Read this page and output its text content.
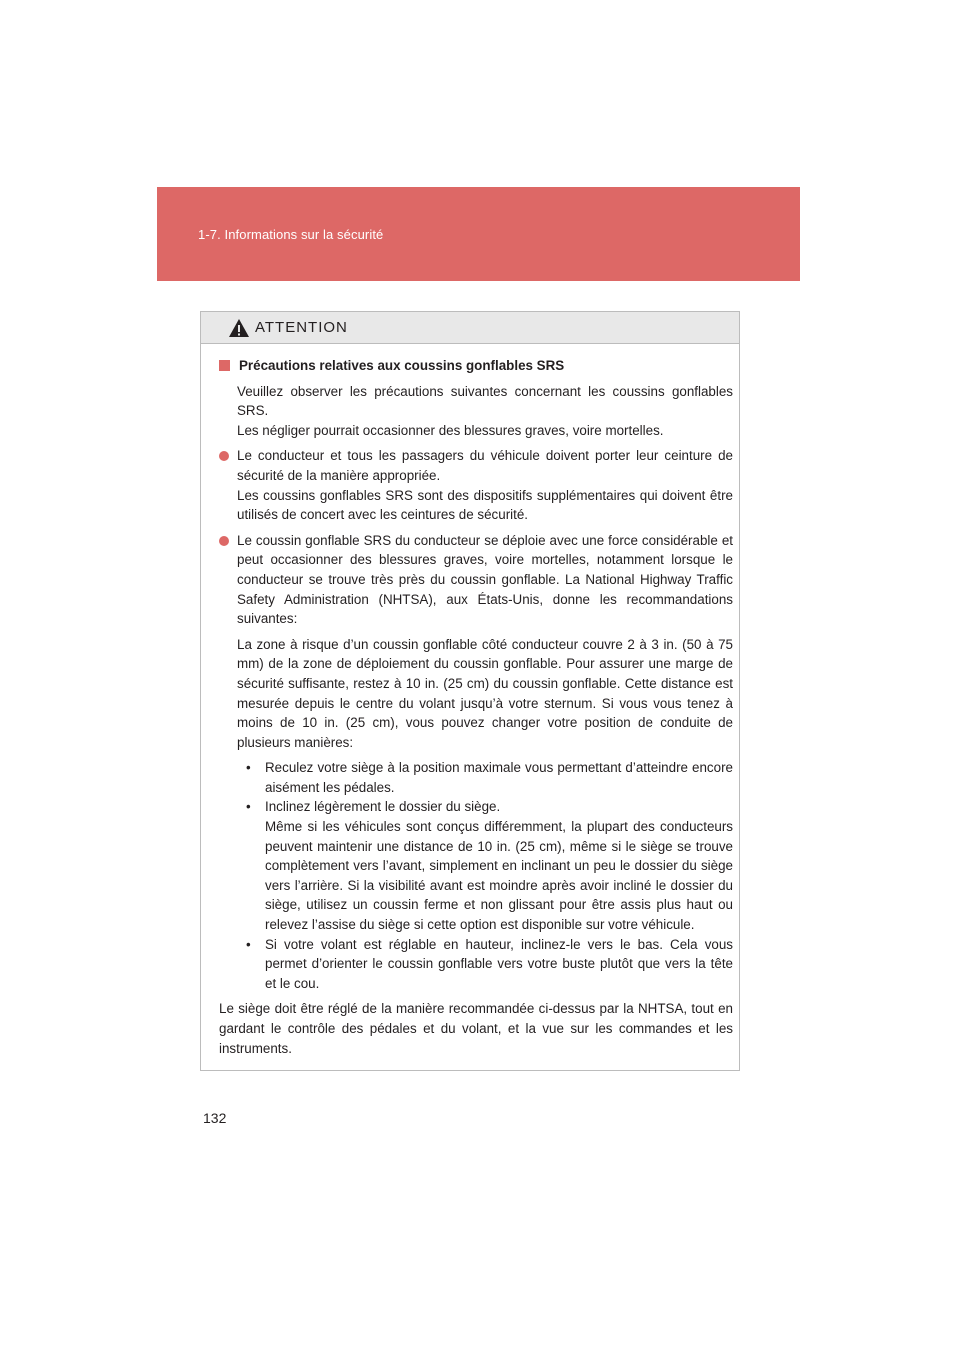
1-7. Informations sur la sécurité
ATTENTION
Précautions relatives aux coussins gonflables SRS
Veuillez observer les précautions suivantes concernant les coussins gonflables SRS.
Les négliger pourrait occasionner des blessures graves, voire mortelles.
Le conducteur et tous les passagers du véhicule doivent porter leur ceinture de sécurité de la manière appropriée.
Les coussins gonflables SRS sont des dispositifs supplémentaires qui doivent être utilisés de concert avec les ceintures de sécurité.
Le coussin gonflable SRS du conducteur se déploie avec une force considérable et peut occasionner des blessures graves, voire mortelles, notamment lorsque le conducteur se trouve très près du coussin gonflable. La National Highway Traffic Safety Administration (NHTSA), aux États-Unis, donne les recommandations suivantes:
La zone à risque d’un coussin gonflable côté conducteur couvre 2 à 3 in. (50 à 75 mm) de la zone de déploiement du coussin gonflable. Pour assurer une marge de sécurité suffisante, restez à 10 in. (25 cm) du coussin gonflable. Cette distance est mesurée depuis le centre du volant jusqu’à votre sternum. Si vous vous tenez à moins de 10 in. (25 cm), vous pouvez changer votre position de conduite de plusieurs manières:
• Reculez votre siège à la position maximale vous permettant d’atteindre encore aisément les pédales.
• Inclinez légèrement le dossier du siège.
Même si les véhicules sont conçus différemment, la plupart des conducteurs peuvent maintenir une distance de 10 in. (25 cm), même si le siège se trouve complètement vers l’avant, simplement en inclinant un peu le dossier du siège vers l’arrière. Si la visibilité avant est moindre après avoir incliné le dossier du siège, utilisez un coussin ferme et non glissant pour être assis plus haut ou relevez l’assise du siège si cette option est disponible sur votre véhicule.
• Si votre volant est réglable en hauteur, inclinez-le vers le bas. Cela vous permet d’orienter le coussin gonflable vers votre buste plutôt que vers la tête et le cou.
Le siège doit être réglé de la manière recommandée ci-dessus par la NHTSA, tout en gardant le contrôle des pédales et du volant, et la vue sur les commandes et les instruments.
132
